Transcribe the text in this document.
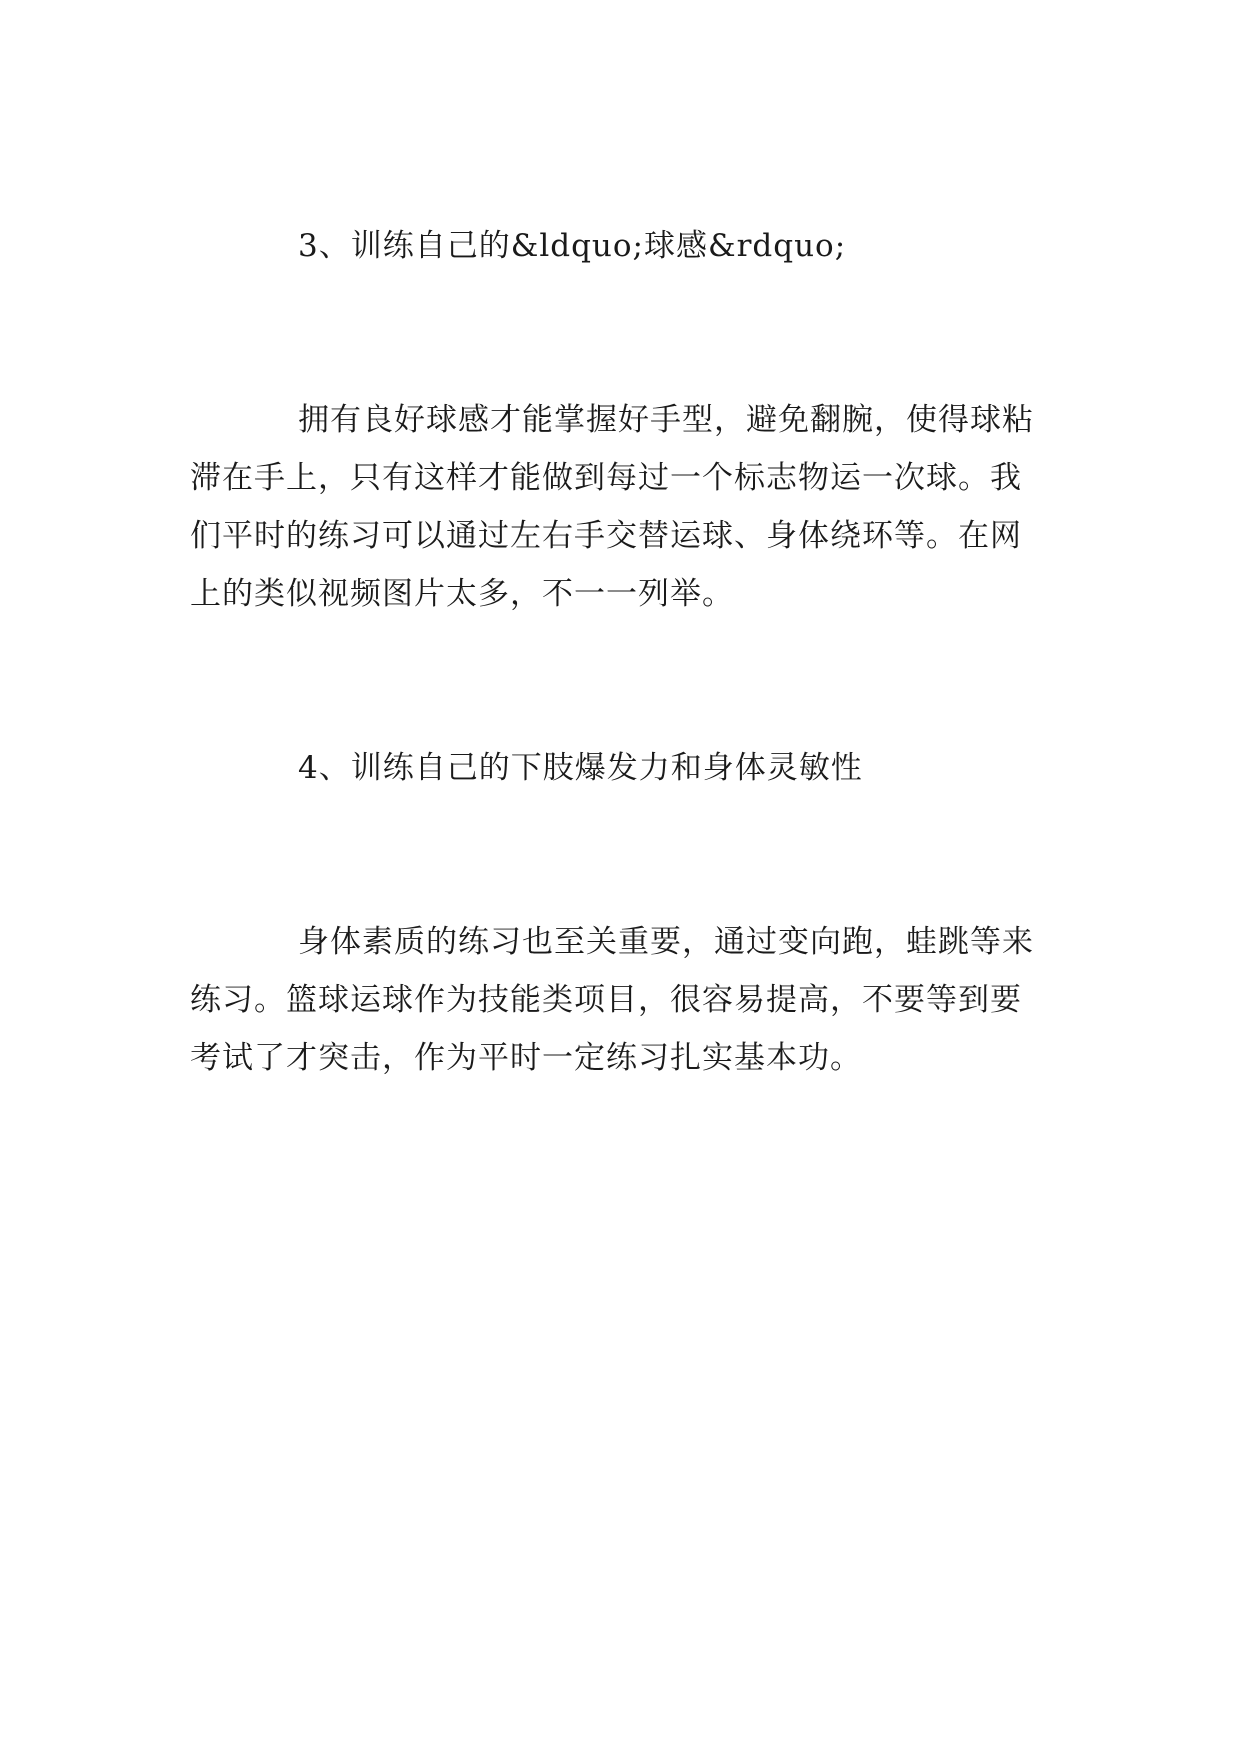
3、训练自己的&ldquo;球感&rdquo;
拥有良好球感才能掌握好手型，避免翻腕，使得球粘
滞在手上，只有这样才能做到每过一个标志物运一次球。我
们平时的练习可以通过左右手交替运球、身体绕环等。在网
上的类似视频图片太多，不一一列举。
4、训练自己的下肢爆发力和身体灵敏性
身体素质的练习也至关重要，通过变向跑，蛙跳等来
练习。篮球运球作为技能类项目，很容易提高，不要等到要
考试了才突击，作为平时一定练习扎实基本功。
